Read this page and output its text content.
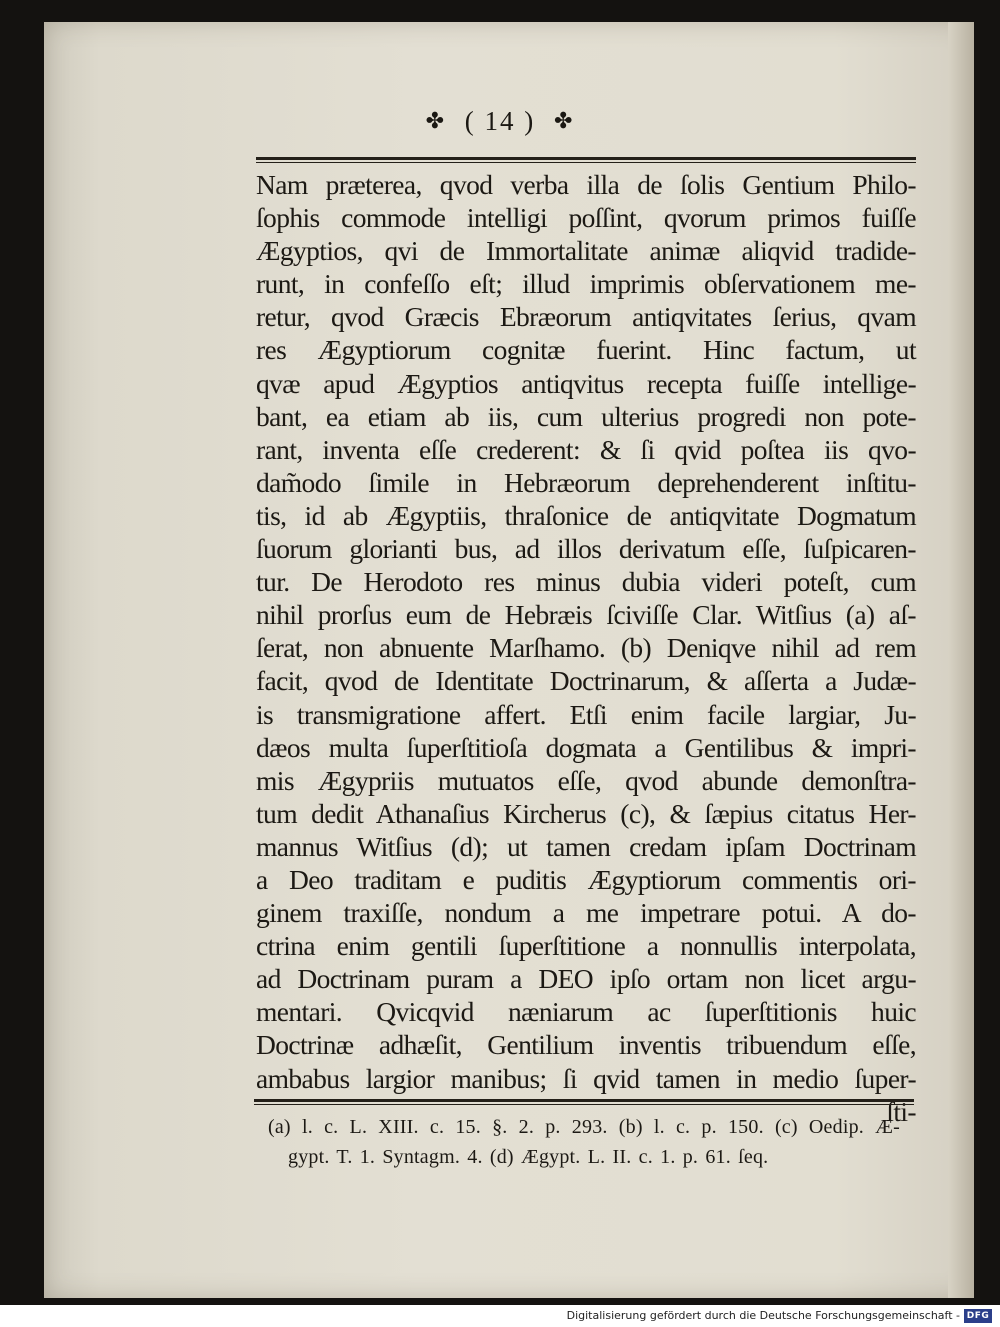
✤ ( 14 ) ✤
Nam præterea, qvod verba illa de ſolis Gentium Philo-
ſophis commode intelligi poſſint, qvorum primos fuiſſe
Ægyptios, qvi de Immortalitate animæ aliqvid tradide-
runt, in confeſſo eſt; illud imprimis obſervationem me-
retur, qvod Græcis Ebræorum antiqvitates ſerius, qvam
res Ægyptiorum cognitæ fuerint. Hinc factum, ut
qvæ apud Ægyptios antiqvitus recepta fuiſſe intellige-
bant, ea etiam ab iis, cum ulterius progredi non pote-
rant, inventa eſſe crederent: & ſi qvid poſtea iis qvo-
dam̃odo ſimile in Hebræorum deprehenderent inſtitu-
tis, id ab Ægyptiis, thraſonice de antiqvitate Dogmatum
ſuorum glorianti bus, ad illos derivatum eſſe, ſuſpicaren-
tur. De Herodoto res minus dubia videri poteſt, cum
nihil prorſus eum de Hebræis ſciviſſe Clar. Witſius (a) aſ-
ſerat, non abnuente Marſhamo. (b) Deniqve nihil ad rem
facit, qvod de Identitate Doctrinarum, & aſſerta a Judæ-
is transmigratione affert. Etſi enim facile largiar, Ju-
dæos multa ſuperſtitioſa dogmata a Gentilibus & impri-
mis Ægypriis mutuatos eſſe, qvod abunde demonſtra-
tum dedit Athanaſius Kircherus (c), & ſæpius citatus Her-
mannus Witſius (d); ut tamen credam ipſam Doctrinam
a Deo traditam e puditis Ægyptiorum commentis ori-
ginem traxiſſe, nondum a me impetrare potui. A do-
ctrina enim gentili ſuperſtitione a nonnullis interpolata,
ad Doctrinam puram a DEO ipſo ortam non licet argu-
mentari. Qvicqvid næniarum ac ſuperſtitionis huic
Doctrinæ adhæſit, Gentilium inventis tribuendum eſſe,
ambabus largior manibus; ſi qvid tamen in medio ſuper-
ſti-
(a) l. c. L. XIII. c. 15. §. 2. p. 293. (b) l. c. p. 150. (c) Oedip. Æ-
gypt. T. 1. Syntagm. 4. (d) Ægypt. L. II. c. 1. p. 61. ſeq.
Digitalisierung gefördert durch die Deutsche Forschungsgemeinschaft - DFG
